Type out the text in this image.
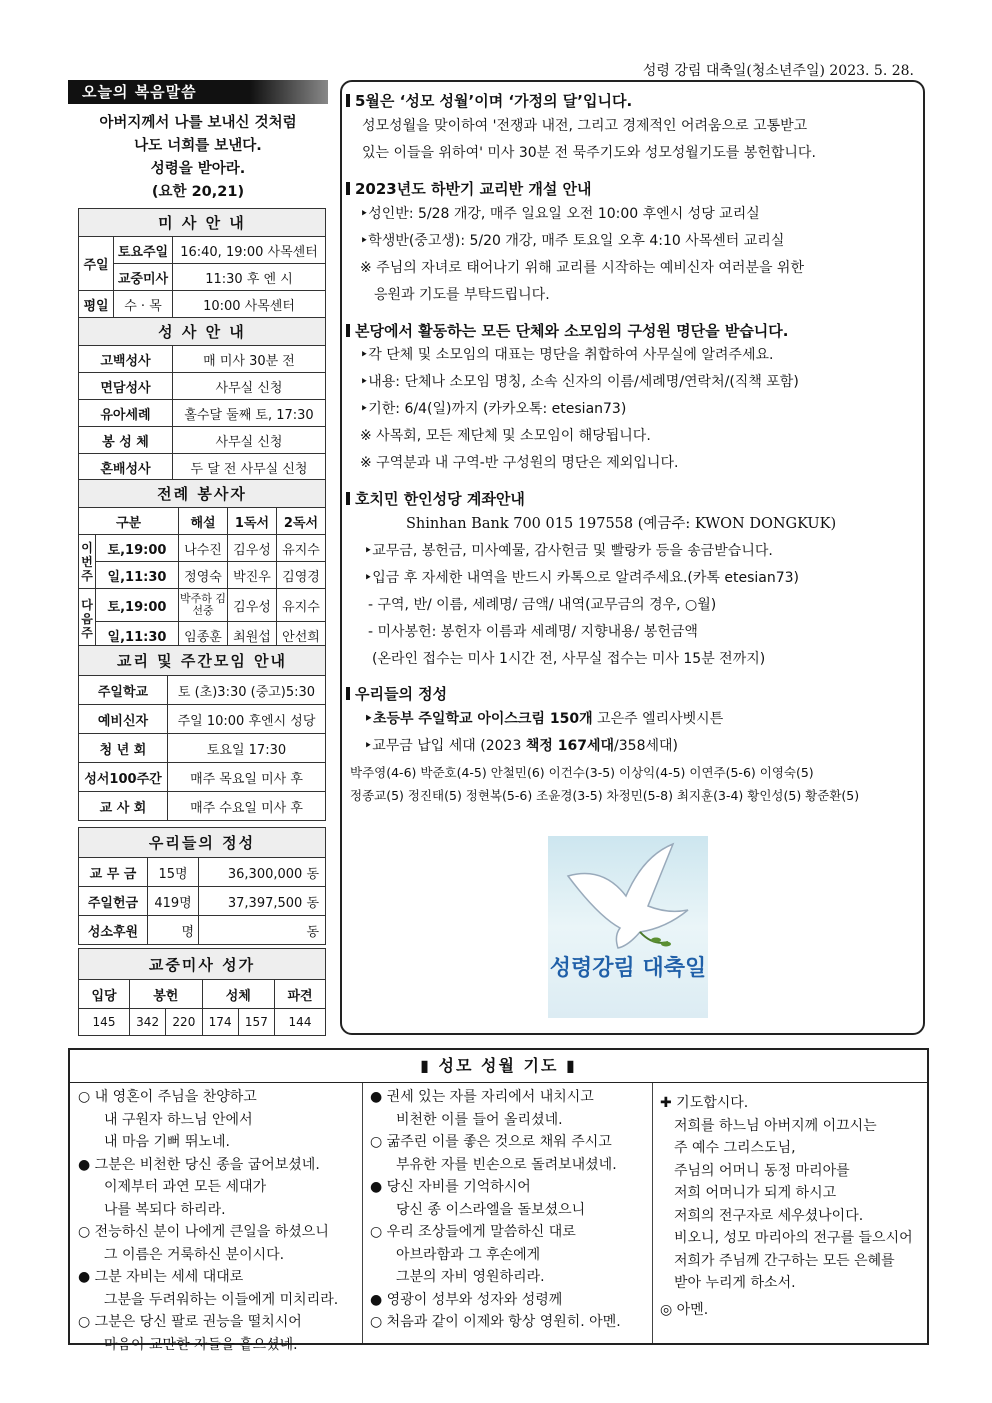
성령 강림 대축일(청소년주일) 2023. 5. 28.
오늘의 복음말씀
아버지께서 나를 보내신 것처럼
나도 너희를 보낸다.
성령을 받아라.
(요한 20,21)
미 사 안 내		
주일	토요주일	16:40, 19:00 사목센터
	교중미사	11:30 후 엔 시
평일	수 · 목	10:00 사목센터
성 사 안 내		
고백성사		매 미사 30분 전
면담성사		사무실 신청
유아세례		홀수달 둘째 토, 17:30
봉 성 체		사무실 신청
혼배성사		두 달 전 사무실 신청
전례 봉사자				
구분		해설	1독서	2독서
이번주	토,19:00	나수진	김우성	유지수
	일,11:30	정영숙	박진우	김영경
다음주	토,19:00	박주하 김선중	김우성	유지수
	일,11:30	임종훈	최원섭	안선희
교리 및 주간모임 안내	
주일학교	토 (초)3:30 (중고)5:30
예비신자	주일 10:00 후엔시 성당
청 년 회	토요일 17:30
성서100주간	매주 목요일 미사 후
교 사 회	매주 수요일 미사 후
우리들의 정성		
교 무 금	15명	36,300,000 동
주일헌금	419명	37,397,500 동
성소후원	명	동
교중미사 성가					
입당	봉헌		성체		파견
145	342	220	174	157	144
5월은 ‘성모 성월’이며 ‘가정의 달’입니다.
성모성월을 맞이하여 '전쟁과 내전, 그리고 경제적인 어려움으로 고통받고
있는 이들을 위하여' 미사 30분 전 묵주기도와 성모성월기도를 봉헌합니다.
2023년도 하반기 교리반 개설 안내
‣성인반: 5/28 개강, 매주 일요일 오전 10:00 후엔시 성당 교리실
‣학생반(중고생): 5/20 개강, 매주 토요일 오후 4:10 사목센터 교리실
※ 주님의 자녀로 태어나기 위해 교리를 시작하는 예비신자 여러분을 위한
응원과 기도를 부탁드립니다.
본당에서 활동하는 모든 단체와 소모임의 구성원 명단을 받습니다.
‣각 단체 및 소모임의 대표는 명단을 취합하여 사무실에 알려주세요.
‣내용: 단체나 소모임 명칭, 소속 신자의 이름/세례명/연락처/(직책 포함)
‣기한: 6/4(일)까지 (카카오톡: etesian73)
※ 사목회, 모든 제단체 및 소모임이 해당됩니다.
※ 구역분과 내 구역-반 구성원의 명단은 제외입니다.
호치민 한인성당 계좌안내
Shinhan Bank 700 015 197558 (예금주: KWON DONGKUK)
‣교무금, 봉헌금, 미사예물, 감사헌금 및 빨랑카 등을 송금받습니다.
‣입금 후 자세한 내역을 반드시 카톡으로 알려주세요.(카톡 etesian73)
- 구역, 반/ 이름, 세례명/ 금액/ 내역(교무금의 경우, ○월)
- 미사봉헌: 봉헌자 이름과 세례명/ 지향내용/ 봉헌금액
(온라인 접수는 미사 1시간 전, 사무실 접수는 미사 15분 전까지)
우리들의 정성
‣초등부 주일학교 아이스크림 150개 고은주 엘리사벳시튼
‣교무금 납입 세대 (2023 책정 167세대/358세대)
박주영(4-6) 박준호(4-5) 안철민(6) 이건수(3-5) 이상익(4-5) 이연주(5-6) 이영숙(5)
정종교(5) 정진태(5) 정현복(5-6) 조윤경(3-5) 차정민(5-8) 최지훈(3-4) 황인성(5) 황준환(5)
성령강림 대축일
▮ 성모 성월 기도 ▮
○ 내 영혼이 주님을 찬양하고
내 구원자 하느님 안에서
내 마음 기뻐 뛰노네.
● 그분은 비천한 당신 종을 굽어보셨네.
이제부터 과연 모든 세대가
나를 복되다 하리라.
○ 전능하신 분이 나에게 큰일을 하셨으니
그 이름은 거룩하신 분이시다.
● 그분 자비는 세세 대대로
그분을 두려워하는 이들에게 미치리라.
○ 그분은 당신 팔로 권능을 떨치시어
마음이 교만한 자들을 흩으셨네.
● 권세 있는 자를 자리에서 내치시고
비천한 이를 들어 올리셨네.
○ 굶주린 이를 좋은 것으로 채워 주시고
부유한 자를 빈손으로 돌려보내셨네.
● 당신 자비를 기억하시어
당신 종 이스라엘을 돌보셨으니
○ 우리 조상들에게 말씀하신 대로
아브라함과 그 후손에게
그분의 자비 영원하리라.
● 영광이 성부와 성자와 성령께
○ 처음과 같이 이제와 항상 영원히. 아멘.
✚ 기도합시다.
저희를 하느님 아버지께 이끄시는
주 예수 그리스도님,
주님의 어머니 동정 마리아를
저희 어머니가 되게 하시고
저희의 전구자로 세우셨나이다.
비오니, 성모 마리아의 전구를 들으시어
저희가 주님께 간구하는 모든 은혜를
받아 누리게 하소서.
◎ 아멘.
